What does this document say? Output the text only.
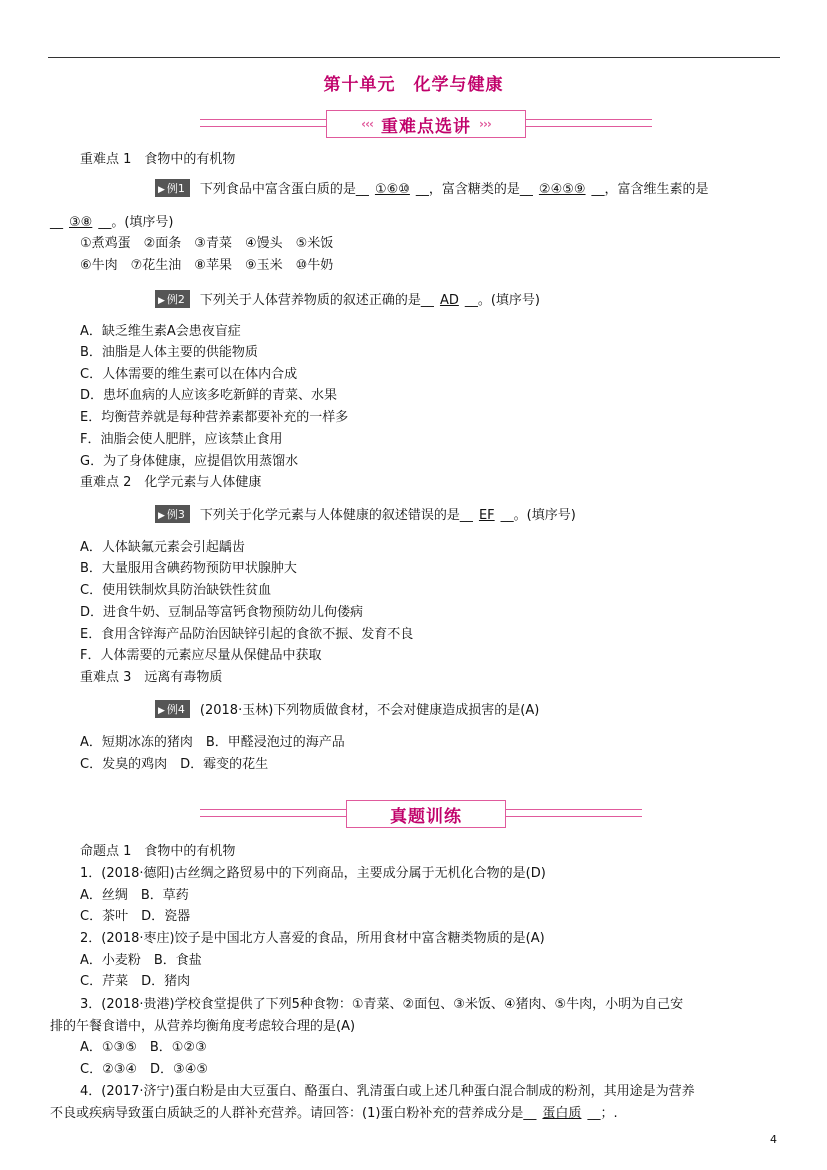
第十单元　化学与健康
‹‹‹ 重难点选讲 ›››
重难点 1　食物中的有机物
▶ 例1 下列食品中富含蛋白质的是__ ①⑥⑩ __，富含糖类的是__ ②④⑤⑨ __，富含维生素的是
__ ③⑧ __。(填序号)
①煮鸡蛋　②面条　③青菜　④馒头　⑤米饭
⑥牛肉　⑦花生油　⑧苹果　⑨玉米　⑩牛奶
▶ 例2 下列关于人体营养物质的叙述正确的是__ AD __。(填序号)
A．缺乏维生素A会患夜盲症
B．油脂是人体主要的供能物质
C．人体需要的维生素可以在体内合成
D．患坏血病的人应该多吃新鲜的青菜、水果
E．均衡营养就是每种营养素都要补充的一样多
F．油脂会使人肥胖，应该禁止食用
G．为了身体健康，应提倡饮用蒸馏水
重难点 2　化学元素与人体健康
▶ 例3 下列关于化学元素与人体健康的叙述错误的是__ EF __。(填序号)
A．人体缺氟元素会引起龋齿
B．大量服用含碘药物预防甲状腺肿大
C．使用铁制炊具防治缺铁性贫血
D．进食牛奶、豆制品等富钙食物预防幼儿佝偻病
E．食用含锌海产品防治因缺锌引起的食欲不振、发育不良
F．人体需要的元素应尽量从保健品中获取
重难点 3　远离有毒物质
▶ 例4 (2018·玉林)下列物质做食材，不会对健康造成损害的是(A)
A．短期冰冻的猪肉　B．甲醛浸泡过的海产品
C．发臭的鸡肉　D．霉变的花生
真题训练
命题点 1　食物中的有机物
1．(2018·德阳)古丝绸之路贸易中的下列商品，主要成分属于无机化合物的是(D)
A．丝绸　B．草药
C．茶叶　D．瓷器
2．(2018·枣庄)饺子是中国北方人喜爱的食品，所用食材中富含糖类物质的是(A)
A．小麦粉　B．食盐
C．芹菜　D．猪肉
3．(2018·贵港)学校食堂提供了下列5种食物：①青菜、②面包、③米饭、④猪肉、⑤牛肉，小明为自己安
排的午餐食谱中，从营养均衡角度考虑较合理的是(A)
A．①③⑤　B．①②③
C．②③④　D．③④⑤
4．(2017·济宁)蛋白粉是由大豆蛋白、酪蛋白、乳清蛋白或上述几种蛋白混合制成的粉剂，其用途是为营养
不良或疾病导致蛋白质缺乏的人群补充营养。请回答：(1)蛋白粉补充的营养成分是__ 蛋白质 __；.
4
